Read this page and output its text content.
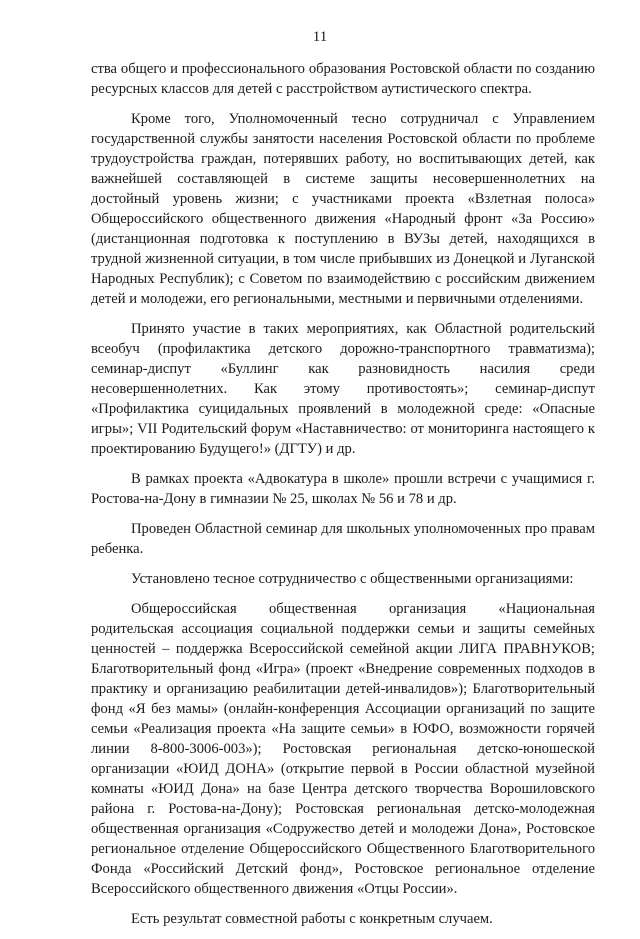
11

ства общего и профессионального образования Ростовской области по созданию ресурсных классов для детей с расстройством аутистического спектра.

Кроме того, Уполномоченный тесно сотрудничал с Управлением государственной службы занятости населения Ростовской области по проблеме трудоустройства граждан, потерявших работу, но воспитывающих детей, как важнейшей составляющей в системе защиты несовершеннолетних на достойный уровень жизни; с участниками проекта «Взлетная полоса» Общероссийского общественного движения «Народный фронт «За Россию» (дистанционная подготовка к поступлению в ВУЗы детей, находящихся в трудной жизненной ситуации, в том числе прибывших из Донецкой и Луганской Народных Республик); с Советом по взаимодействию с российским движением детей и молодежи, его региональными, местными и первичными отделениями.

Принято участие в таких мероприятиях, как Областной родительский всеобуч (профилактика детского дорожно-транспортного травматизма); семинар-диспут «Буллинг как разновидность насилия среди несовершеннолетних. Как этому противостоять»; семинар-диспут «Профилактика суицидальных проявлений в молодежной среде: «Опасные игры»; VII Родительский форум «Наставничество: от мониторинга настоящего к проектированию Будущего!» (ДГТУ) и др.

В рамках проекта «Адвокатура в школе» прошли встречи с учащимися г. Ростова-на-Дону в гимназии № 25, школах № 56 и 78 и др.

Проведен Областной семинар для школьных уполномоченных про правам ребенка.

Установлено тесное сотрудничество с общественными организациями:

Общероссийская общественная организация «Национальная родительская ассоциация социальной поддержки семьи и защиты семейных ценностей – поддержка Всероссийской семейной акции ЛИГА ПРАВНУКОВ; Благотворительный фонд «Игра» (проект «Внедрение современных подходов в практику и организацию реабилитации детей-инвалидов»); Благотворительный фонд «Я без мамы» (онлайн-конференция Ассоциации организаций по защите семьи «Реализация проекта «На защите семьи» в ЮФО, возможности горячей линии 8-800-3006-003»); Ростовская региональная детско-юношеской организации «ЮИД ДОНА» (открытие первой в России областной музейной комнаты «ЮИД Дона» на базе Центра детского творчества Ворошиловского района г. Ростова-на-Дону); Ростовская региональная детско-молодежная общественная организация «Содружество детей и молодежи Дона», Ростовское региональное отделение Общероссийского Общественного Благотворительного Фонда «Российский Детский фонд», Ростовское региональное отделение Всероссийского общественного движения «Отцы России».

Есть результат совместной работы с конкретным случаем.
